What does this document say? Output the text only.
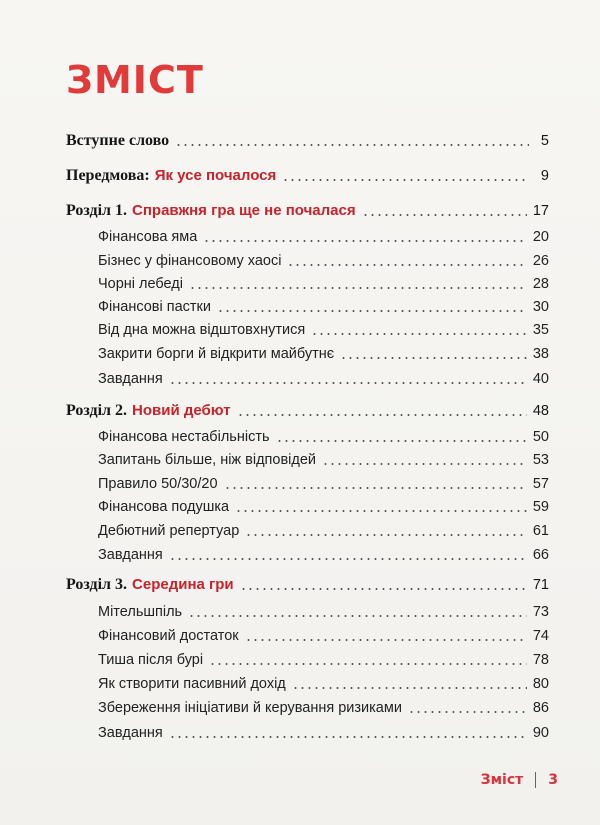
ЗМІСТ
Вступне слово	5
Передмова: Як усе почалося	9
Розділ 1. Справжня гра ще не почалася	17
Фінансова яма	20
Бізнес у фінансовому хаосі	26
Чорні лебеді	28
Фінансові пастки	30
Від дна можна відштовхнутися	35
Закрити борги й відкрити майбутнє	38
Завдання	40
Розділ 2. Новий дебют	48
Фінансова нестабільність	50
Запитань більше, ніж відповідей	53
Правило 50/30/20	57
Фінансова подушка	59
Дебютний репертуар	61
Завдання	66
Розділ 3. Середина гри	71
Мітельшпіль	73
Фінансовий достаток	74
Тиша після бурі	78
Як створити пасивний дохід	80
Збереження ініціативи й керування ризиками	86
Завдання	90
Зміст 3
